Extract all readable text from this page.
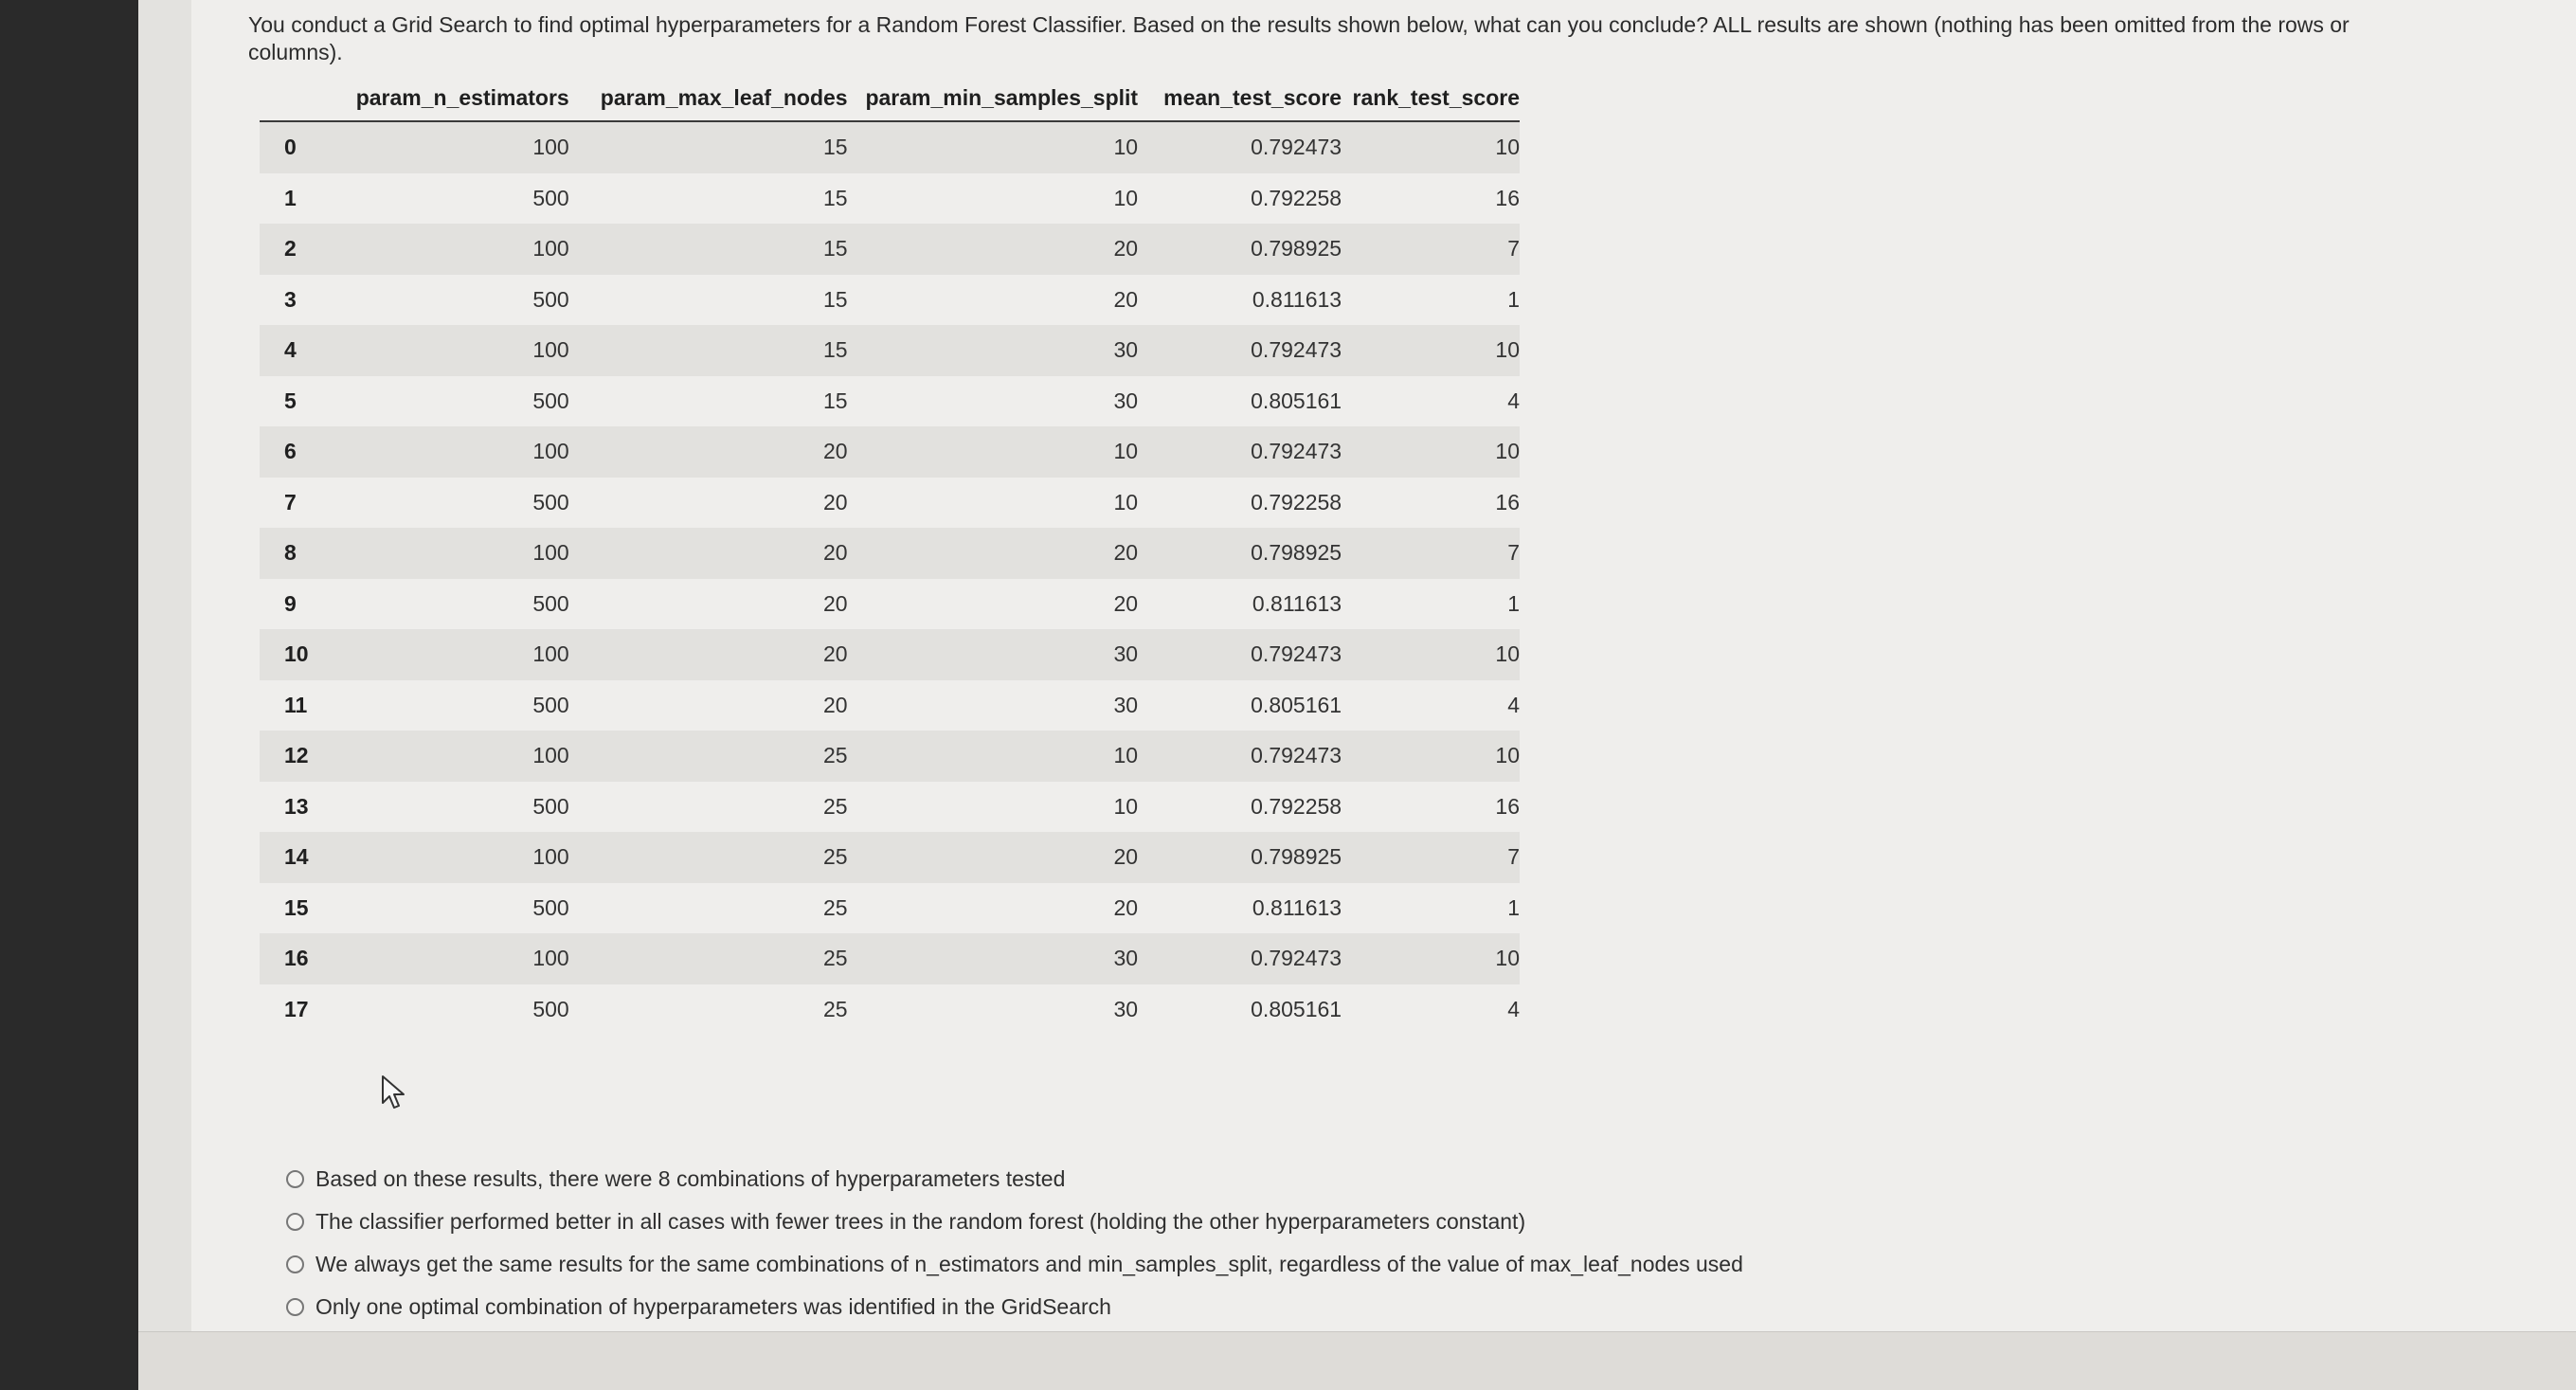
You conduct a Grid Search to find optimal hyperparameters for a Random Forest Classifier. Based on the results shown below, what can you conclude? ALL results are shown (nothing has been omitted from the rows or columns).
	param_n_estimators	param_max_leaf_nodes	param_min_samples_split	mean_test_score	rank_test_score
0	100	15	10	0.792473	10
1	500	15	10	0.792258	16
2	100	15	20	0.798925	7
3	500	15	20	0.811613	1
4	100	15	30	0.792473	10
5	500	15	30	0.805161	4
6	100	20	10	0.792473	10
7	500	20	10	0.792258	16
8	100	20	20	0.798925	7
9	500	20	20	0.811613	1
10	100	20	30	0.792473	10
11	500	20	30	0.805161	4
12	100	25	10	0.792473	10
13	500	25	10	0.792258	16
14	100	25	20	0.798925	7
15	500	25	20	0.811613	1
16	100	25	30	0.792473	10
17	500	25	30	0.805161	4
Based on these results, there were 8 combinations of hyperparameters tested
The classifier performed better in all cases with fewer trees in the random forest (holding the other hyperparameters constant)
We always get the same results for the same combinations of n_estimators and min_samples_split, regardless of the value of max_leaf_nodes used
Only one optimal combination of hyperparameters was identified in the GridSearch
